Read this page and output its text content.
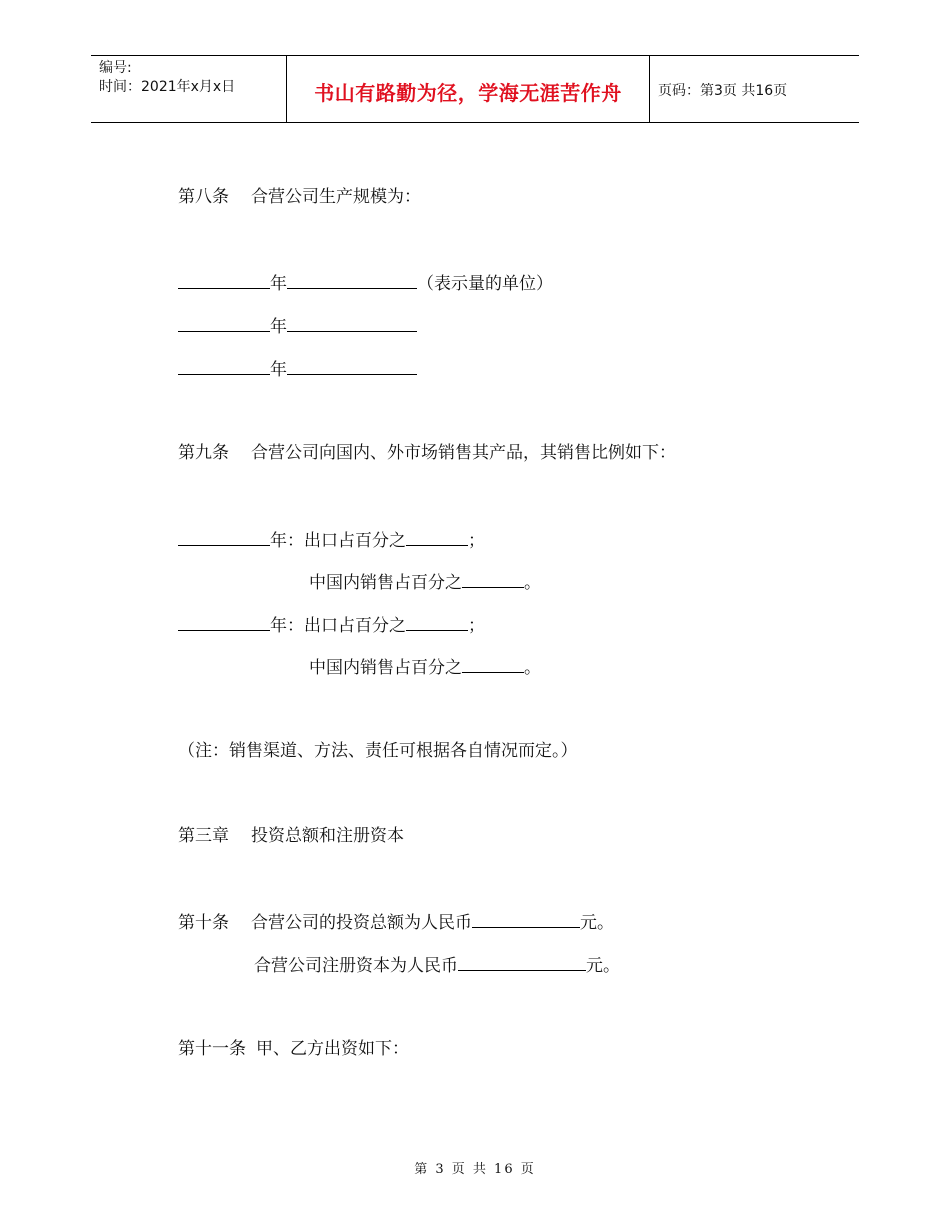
编号:
时间：2021年x月x日	书山有路勤为径，学海无涯苦作舟	页码：第3页 共16页
第八条 合营公司生产规模为：
年	（表示量的单位）
年
年
第九条 合营公司向国内、外市场销售其产品，其销售比例如下：
年：出口占百分之	；
中国内销售占百分之	。
年：出口占百分之	；
中国内销售占百分之	。
（注：销售渠道、方法、责任可根据各自情况而定。）
第三章 投资总额和注册资本
第十条 合营公司的投资总额为人民币	元。
合营公司注册资本为人民币	元。
第十一条 甲、乙方出资如下：
第 3 页 共 16 页
